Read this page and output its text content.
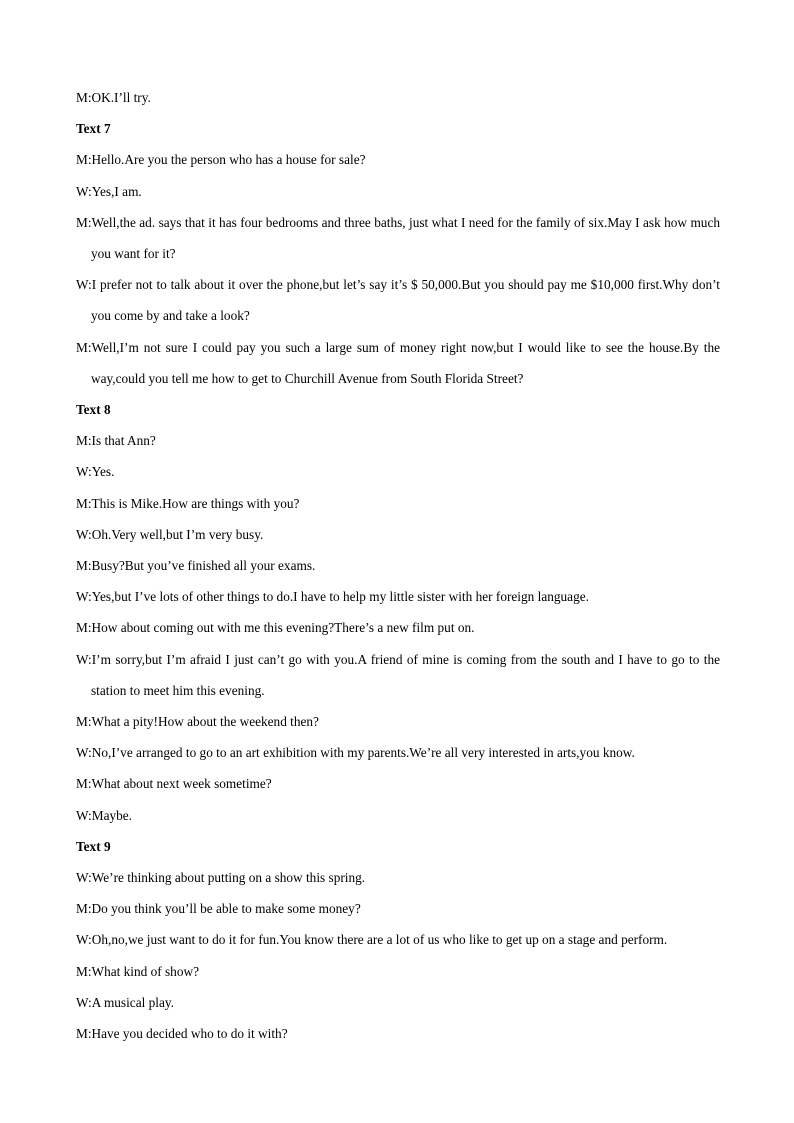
M:OK.I’ll try.

Text 7

M:Hello.Are you the person who has a house for sale?

W:Yes,I am.

M:Well,the ad. says that it has four bedrooms and three baths, just what I need for the family of six.May I ask how much you want for it?

W:I prefer not to talk about it over the phone,but let’s say it’s $ 50,000.But you should pay me $10,000 first.Why don’t you come by and take a look?

M:Well,I’m not sure I could pay you such a large sum of money right now,but I would like to see the house.By the way,could you tell me how to get to Churchill Avenue from South Florida Street?

Text 8

M:Is that Ann?

W:Yes.

M:This is Mike.How are things with you?

W:Oh.Very well,but I’m very busy.

M:Busy?But you’ve finished all your exams.

W:Yes,but I’ve lots of other things to do.I have to help my little sister with her foreign language.

M:How about coming out with me this evening?There’s a new film put on.

W:I’m sorry,but I’m afraid I just can’t go with you.A friend of mine is coming from the south and I have to go to the station to meet him this evening.

M:What a pity!How about the weekend then?

W:No,I’ve arranged to go to an art exhibition with my parents.We’re all very interested in arts,you know.

M:What about next week sometime?

W:Maybe.

Text 9

W:We’re thinking about putting on a show this spring.

M:Do you think you’ll be able to make some money?

W:Oh,no,we just want to do it for fun.You know there are a lot of us who like to get up on a stage and perform.

M:What kind of show?

W:A musical play.

M:Have you decided who to do it with?
